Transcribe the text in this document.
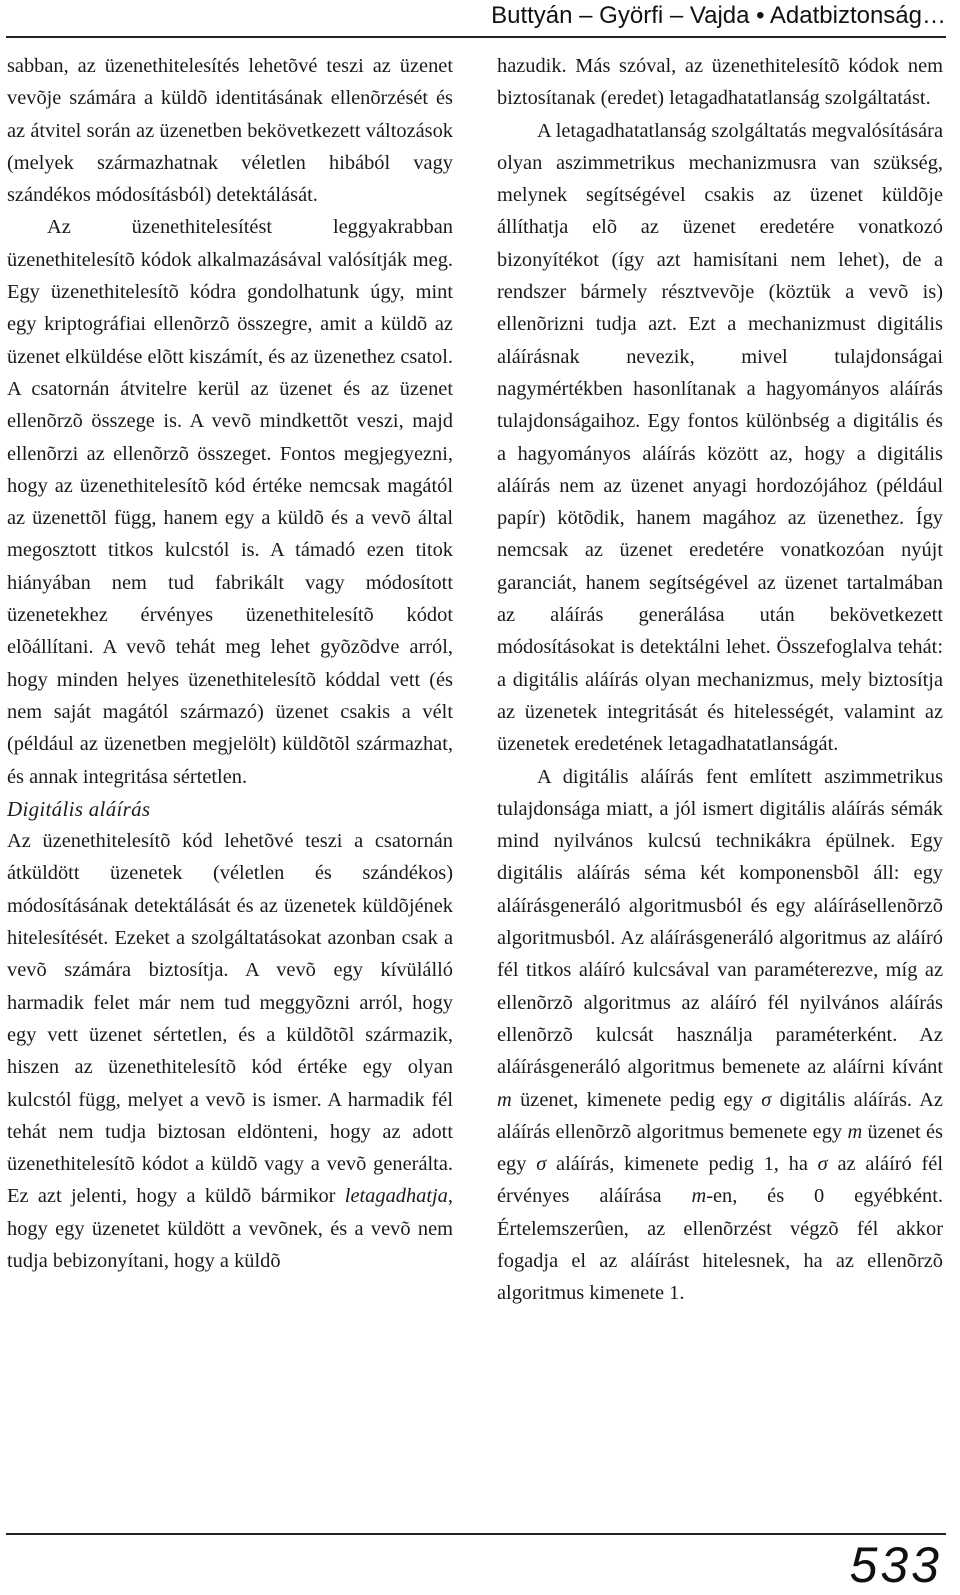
Buttyán – Györfi – Vajda • Adatbiztonság…

sabban, az üzenethitelesítés lehetõvé teszi az üzenet vevõje számára a küldõ identitásának ellenõrzését és az átvitel során az üzenetben bekövetkezett változások (melyek származhatnak véletlen hibából vagy szándékos módosításból) detektálását.

Az üzenethitelesítést leggyakrabban üzenethitelesítõ kódok alkalmazásával valósítják meg. Egy üzenethitelesítõ kódra gondolhatunk úgy, mint egy kriptográfiai ellenõrzõ összegre, amit a küldõ az üzenet elküldése elõtt kiszámít, és az üzenethez csatol. A csatornán átvitelre kerül az üzenet és az üzenet ellenõrzõ összege is. A vevõ mindkettõt veszi, majd ellenõrzi az ellenõrzõ összeget. Fontos megjegyezni, hogy az üzenethitelesítõ kód értéke nemcsak magától az üzenettõl függ, hanem egy a küldõ és a vevõ által megosztott titkos kulcstól is. A támadó ezen titok hiányában nem tud fabrikált vagy módosított üzenetekhez érvényes üzenethitelesítõ kódot elõállítani. A vevõ tehát meg lehet gyõzõdve arról, hogy minden helyes üzenethitelesítõ kóddal vett (és nem saját magától származó) üzenet csakis a vélt (például az üzenetben megjelölt) küldõtõl származhat, és annak integritása sértetlen.

Digitális aláírás

Az üzenethitelesítõ kód lehetõvé teszi a csatornán átküldött üzenetek (véletlen és szándékos) módosításának detektálását és az üzenetek küldõjének hitelesítését. Ezeket a szolgáltatásokat azonban csak a vevõ számára biztosítja. A vevõ egy kívülálló harmadik felet már nem tud meggyõzni arról, hogy egy vett üzenet sértetlen, és a küldõtõl származik, hiszen az üzenethitelesítõ kód értéke egy olyan kulcstól függ, melyet a vevõ is ismer. A harmadik fél tehát nem tudja biztosan eldönteni, hogy az adott üzenethitelesítõ kódot a küldõ vagy a vevõ generálta. Ez azt jelenti, hogy a küldõ bármikor letagadhatja, hogy egy üzenetet küldött a vevõnek, és a vevõ nem tudja bebizonyítani, hogy a küldõ

hazudik. Más szóval, az üzenethitelesítõ kódok nem biztosítanak (eredet) letagadhatatlanság szolgáltatást.

A letagadhatatlanság szolgáltatás megvalósítására olyan aszimmetrikus mechanizmusra van szükség, melynek segítségével csakis az üzenet küldõje állíthatja elõ az üzenet eredetére vonatkozó bizonyítékot (így azt hamisítani nem lehet), de a rendszer bármely résztvevõje (köztük a vevõ is) ellenõrizni tudja azt. Ezt a mechanizmust digitális aláírásnak nevezik, mivel tulajdonságai nagymértékben hasonlítanak a hagyományos aláírás tulajdonságaihoz. Egy fontos különbség a digitális és a hagyományos aláírás között az, hogy a digitális aláírás nem az üzenet anyagi hordozójához (például papír) kötõdik, hanem magához az üzenethez. Így nemcsak az üzenet eredetére vonatkozóan nyújt garanciát, hanem segítségével az üzenet tartalmában az aláírás generálása után bekövetkezett módosításokat is detektálni lehet. Összefoglalva tehát: a digitális aláírás olyan mechanizmus, mely biztosítja az üzenetek integritását és hitelességét, valamint az üzenetek eredetének letagadhatatlanságát.

A digitális aláírás fent említett aszimmetrikus tulajdonsága miatt, a jól ismert digitális aláírás sémák mind nyilvános kulcsú technikákra épülnek. Egy digitális aláírás séma két komponensbõl áll: egy aláírásgeneráló algoritmusból és egy aláírásellenõrzõ algoritmusból. Az aláírásgeneráló algoritmus az aláíró fél titkos aláíró kulcsával van paraméterezve, míg az ellenõrzõ algoritmus az aláíró fél nyilvános aláírás ellenõrzõ kulcsát használja paraméterként. Az aláírásgeneráló algoritmus bemenete az aláírni kívánt m üzenet, kimenete pedig egy σ digitális aláírás. Az aláírás ellenõrzõ algoritmus bemenete egy m üzenet és egy σ aláírás, kimenete pedig 1, ha σ az aláíró fél érvényes aláírása m-en, és 0 egyébként. Értelemszerûen, az ellenõrzést végzõ fél akkor fogadja el az aláírást hitelesnek, ha az ellenõrzõ algoritmus kimenete 1.

533
